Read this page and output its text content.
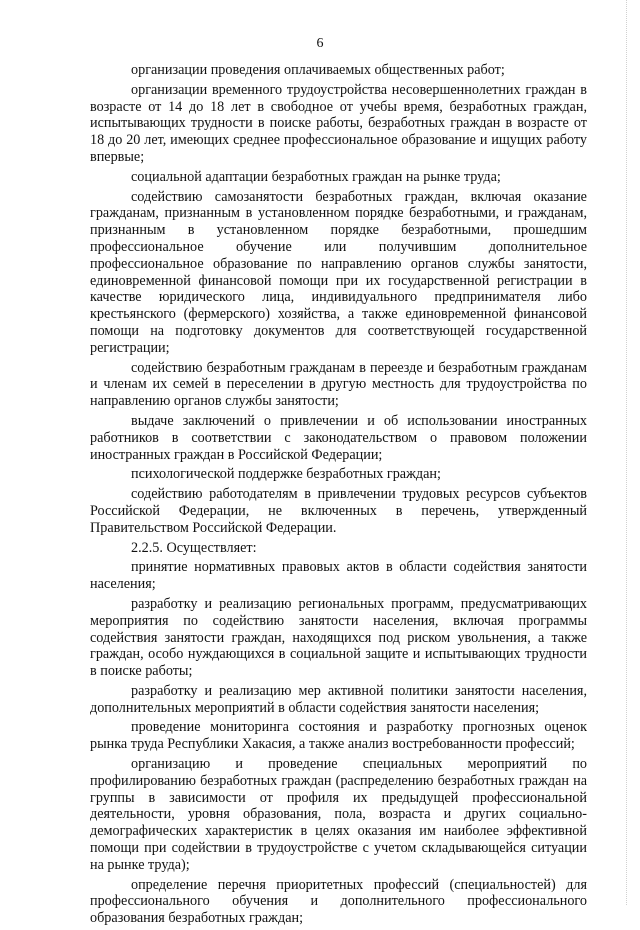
6

организации проведения оплачиваемых общественных работ;

организации временного трудоустройства несовершеннолетних граждан в возрасте от 14 до 18 лет в свободное от учебы время, безработных граждан, испытывающих трудности в поиске работы, безработных граждан в возрасте от 18 до 20 лет, имеющих среднее профессиональное образование и ищущих работу впервые;

социальной адаптации безработных граждан на рынке труда;

содействию самозанятости безработных граждан, включая оказание гражданам, признанным в установленном порядке безработными, и гражданам, признанным в установленном порядке безработными, прошедшим профессиональное обучение или получившим дополнительное профессиональное образование по направлению органов службы занятости, единовременной финансовой помощи при их государственной регистрации в качестве юридического лица, индивидуального предпринимателя либо крестьянского (фермерского) хозяйства, а также единовременной финансовой помощи на подготовку документов для соответствующей государственной регистрации;

содействию безработным гражданам в переезде и безработным гражданам и членам их семей в переселении в другую местность для трудоустройства по направлению органов службы занятости;

выдаче заключений о привлечении и об использовании иностранных работников в соответствии с законодательством о правовом положении иностранных граждан в Российской Федерации;

психологической поддержке безработных граждан;

содействию работодателям в привлечении трудовых ресурсов субъектов Российской Федерации, не включенных в перечень, утвержденный Правительством Российской Федерации.

2.2.5. Осуществляет:

принятие нормативных правовых актов в области содействия занятости населения;

разработку и реализацию региональных программ, предусматривающих мероприятия по содействию занятости населения, включая программы содействия занятости граждан, находящихся под риском увольнения, а также граждан, особо нуждающихся в социальной защите и испытывающих трудности в поиске работы;

разработку и реализацию мер активной политики занятости населения, дополнительных мероприятий в области содействия занятости населения;

проведение мониторинга состояния и разработку прогнозных оценок рынка труда Республики Хакасия, а также анализ востребованности профессий;

организацию и проведение специальных мероприятий по профилированию безработных граждан (распределению безработных граждан на группы в зависимости от профиля их предыдущей профессиональной деятельности, уровня образования, пола, возраста и других социально-демографических характеристик в целях оказания им наиболее эффективной помощи при содействии в трудоустройстве с учетом складывающейся ситуации на рынке труда);

определение перечня приоритетных профессий (специальностей) для профессионального обучения и дополнительного профессионального образования безработных граждан;
